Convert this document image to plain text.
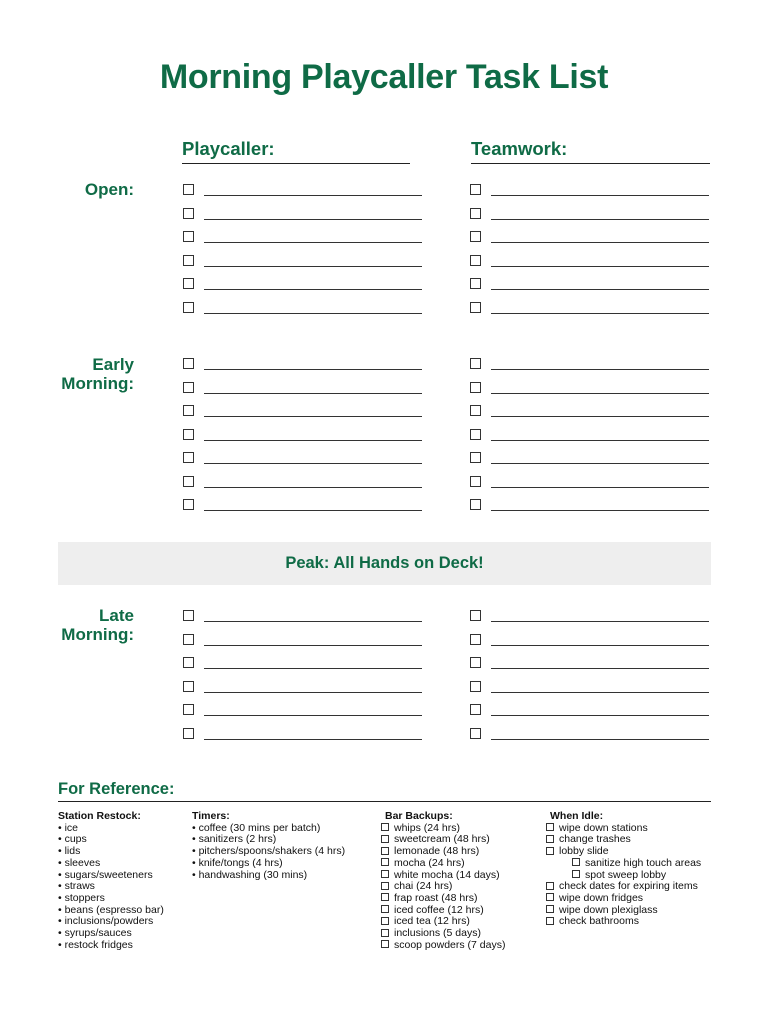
Morning Playcaller Task List
Playcaller:	Teamwork:
Open:
Early
Morning:
Late
Morning:
Peak: All Hands on Deck!
For Reference:
Station Restock:
• ice
• cups
• lids
• sleeves
• sugars/sweeteners
• straws
• stoppers
• beans (espresso bar)
• inclusions/powders
• syrups/sauces
• restock fridges
Timers:
• coffee (30 mins per batch)
• sanitizers (2 hrs)
• pitchers/spoons/shakers (4 hrs)
• knife/tongs (4 hrs)
• handwashing (30 mins)
Bar Backups:
whips (24 hrs)
sweetcream (48 hrs)
lemonade (48 hrs)
mocha (24 hrs)
white mocha (14 days)
chai (24 hrs)
frap roast (48 hrs)
iced coffee (12 hrs)
iced tea (12 hrs)
inclusions (5 days)
scoop powders (7 days)
When Idle:
wipe down stations
change trashes
lobby slide
sanitize high touch areas
spot sweep lobby
check dates for expiring items
wipe down fridges
wipe down plexiglass
check bathrooms
